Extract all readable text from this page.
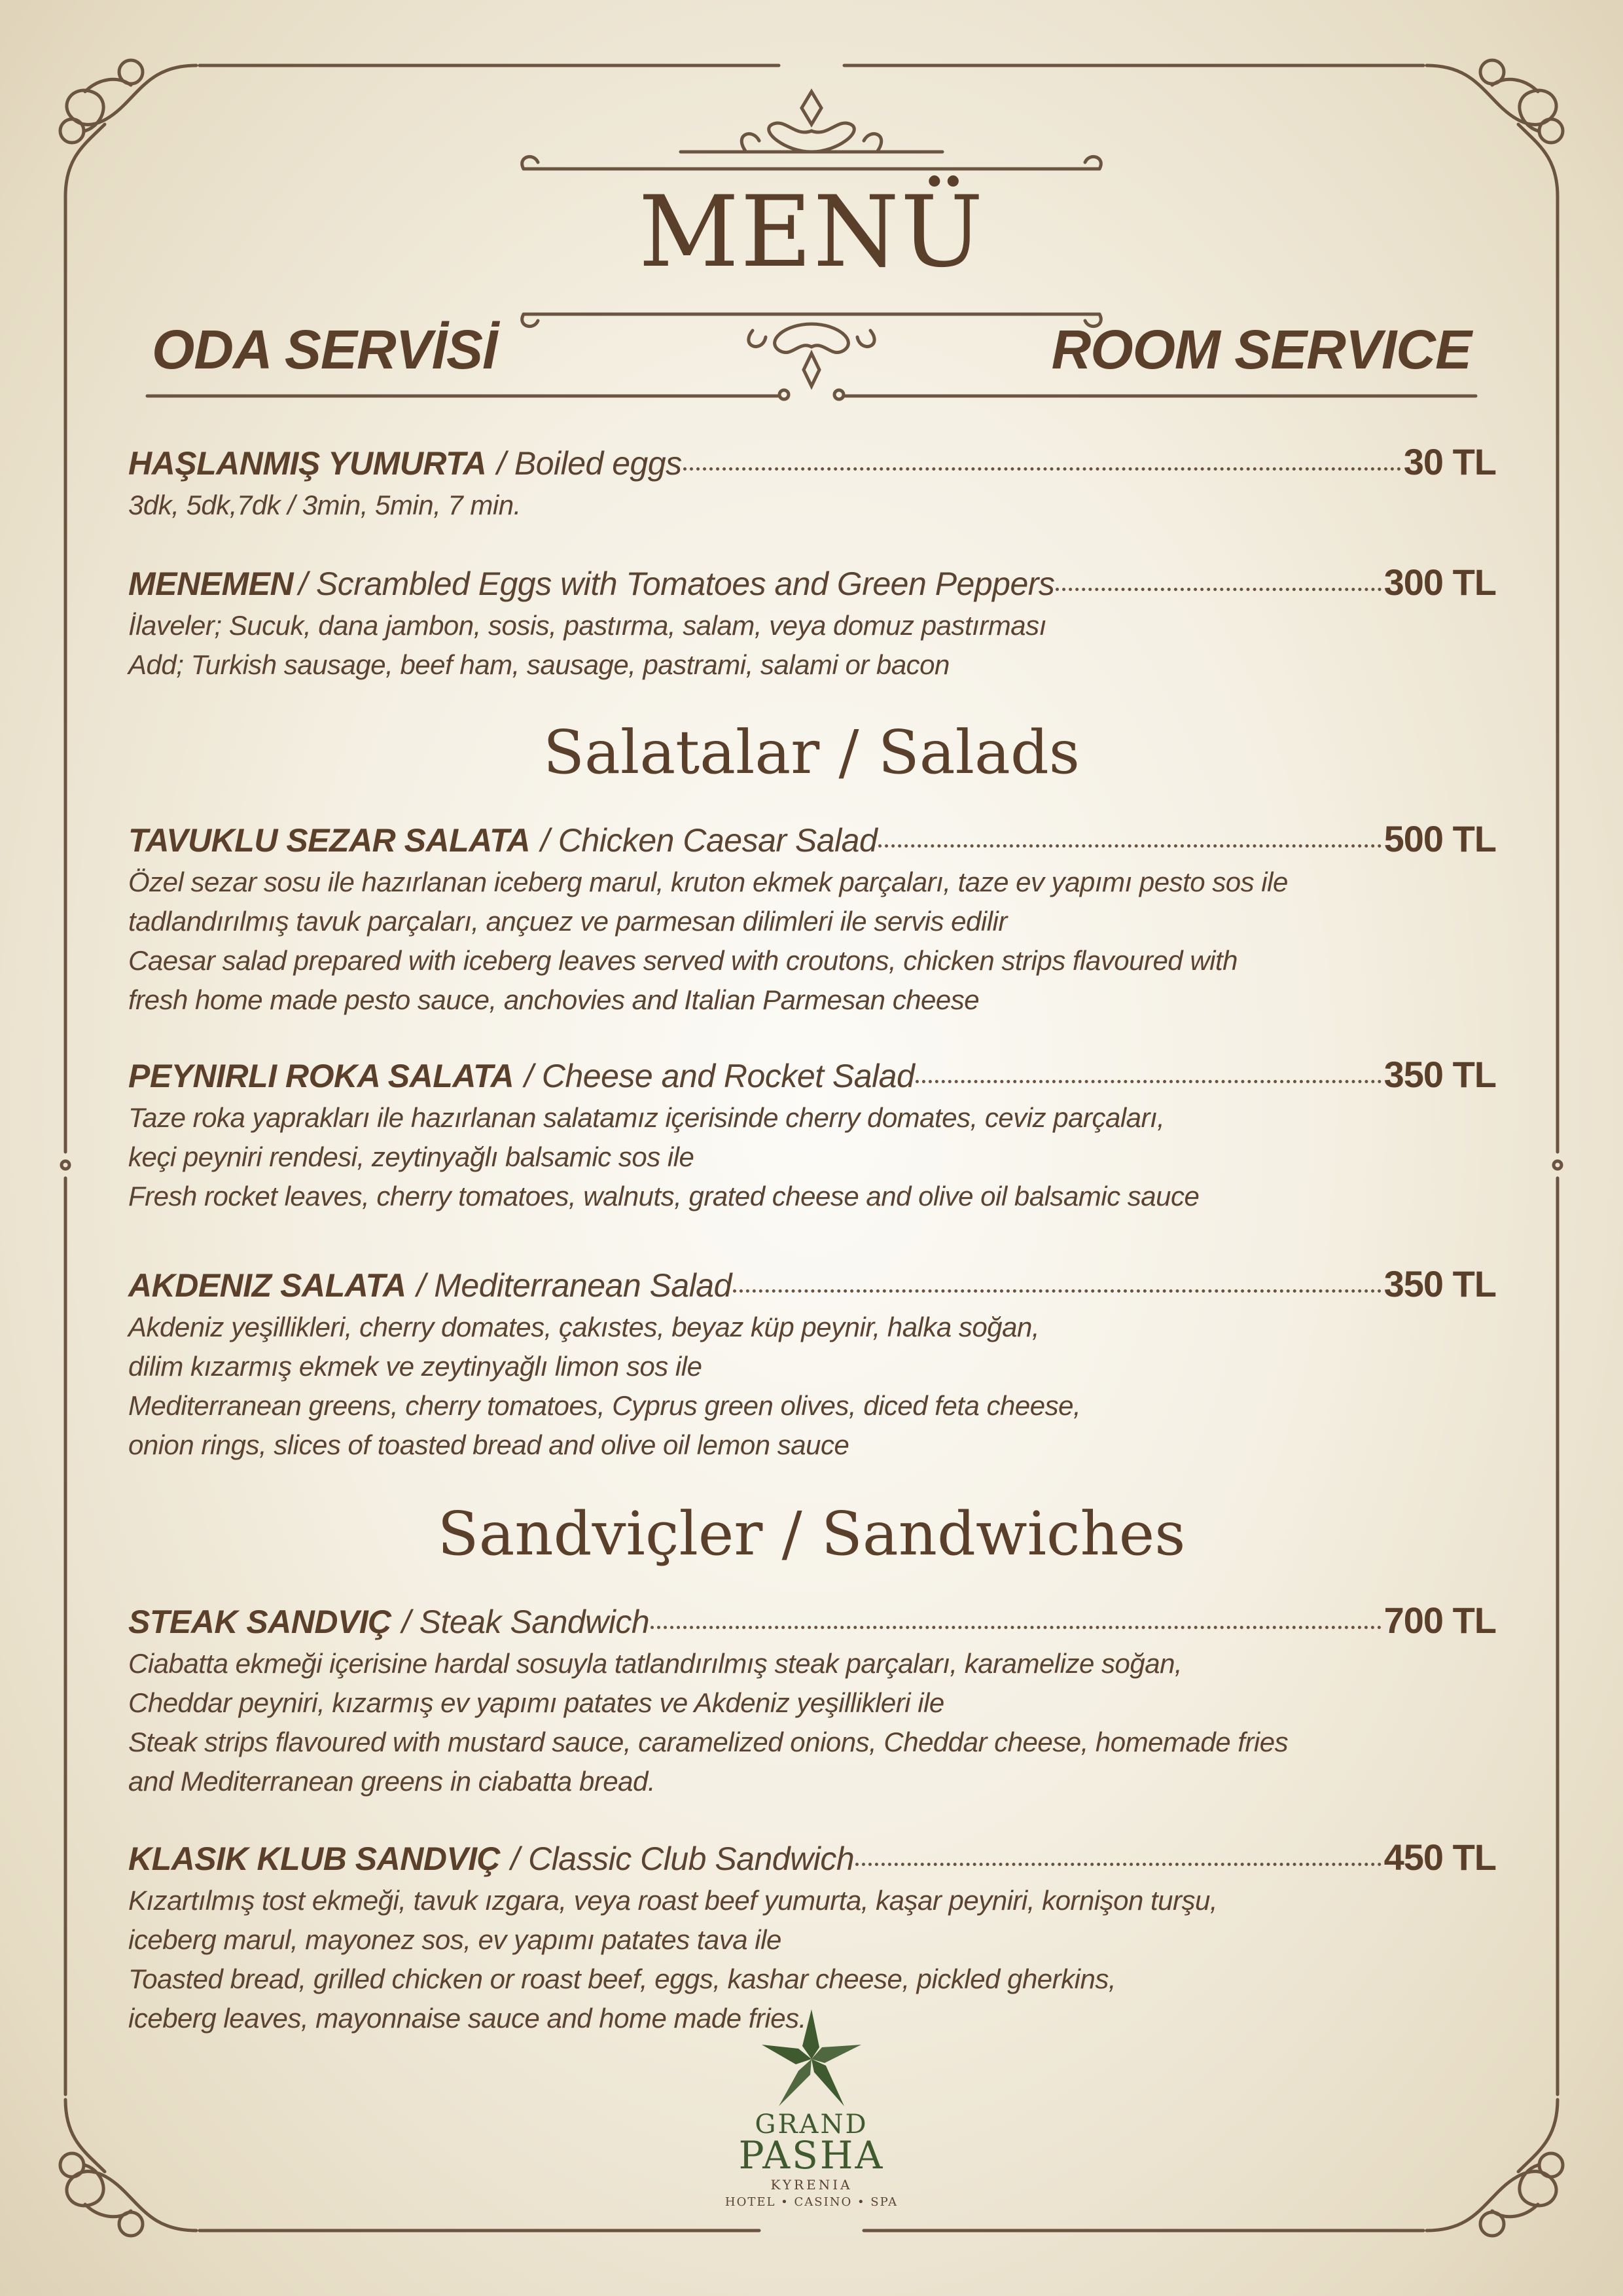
MENÜ
ODA SERVİSİ	ROOM SERVICE
HAŞLANMIŞ YUMURTA / Boiled eggs	30 TL
3dk, 5dk,7dk / 3min, 5min, 7 min.
MENEMEN / Scrambled Eggs with Tomatoes and Green Peppers	300 TL
İlaveler; Sucuk, dana jambon, sosis, pastırma, salam, veya domuz pastırması
Add; Turkish sausage, beef ham, sausage, pastrami, salami or bacon
Salatalar / Salads
TAVUKLU SEZAR SALATA / Chicken Caesar Salad	500 TL
Özel sezar sosu ile hazırlanan iceberg marul, kruton ekmek parçaları, taze ev yapımı pesto sos ile
tadlandırılmış tavuk parçaları, ançuez ve parmesan dilimleri ile servis edilir
Caesar salad prepared with iceberg leaves served with croutons, chicken strips flavoured with
fresh home made pesto sauce, anchovies and Italian Parmesan cheese
PEYNIRLI ROKA SALATA / Cheese and Rocket Salad	350 TL
Taze roka yaprakları ile hazırlanan salatamız içerisinde cherry domates, ceviz parçaları,
keçi peyniri rendesi, zeytinyağlı balsamic sos ile
Fresh rocket leaves, cherry tomatoes, walnuts, grated cheese and olive oil balsamic sauce
AKDENIZ SALATA / Mediterranean Salad	350 TL
Akdeniz yeşillikleri, cherry domates, çakıstes, beyaz küp peynir, halka soğan,
dilim kızarmış ekmek ve zeytinyağlı limon sos ile
Mediterranean greens, cherry tomatoes, Cyprus green olives, diced feta cheese,
onion rings, slices of toasted bread and olive oil lemon sauce
Sandviçler / Sandwiches
STEAK SANDVIÇ / Steak Sandwich	700 TL
Ciabatta ekmeği içerisine hardal sosuyla tatlandırılmış steak parçaları, karamelize soğan,
Cheddar peyniri, kızarmış ev yapımı patates ve Akdeniz yeşillikleri ile
Steak strips flavoured with mustard sauce, caramelized onions, Cheddar cheese, homemade fries
and Mediterranean greens in ciabatta bread.
KLASIK KLUB SANDVIÇ / Classic Club Sandwich	450 TL
Kızartılmış tost ekmeği, tavuk ızgara, veya roast beef yumurta, kaşar peyniri, kornişon turşu,
iceberg marul, mayonez sos, ev yapımı patates tava ile
Toasted bread, grilled chicken or roast beef, eggs, kashar cheese, pickled gherkins,
iceberg leaves, mayonnaise sauce and home made fries.
GRAND
PASHA
KYRENIA
HOTEL • CASINO • SPA
